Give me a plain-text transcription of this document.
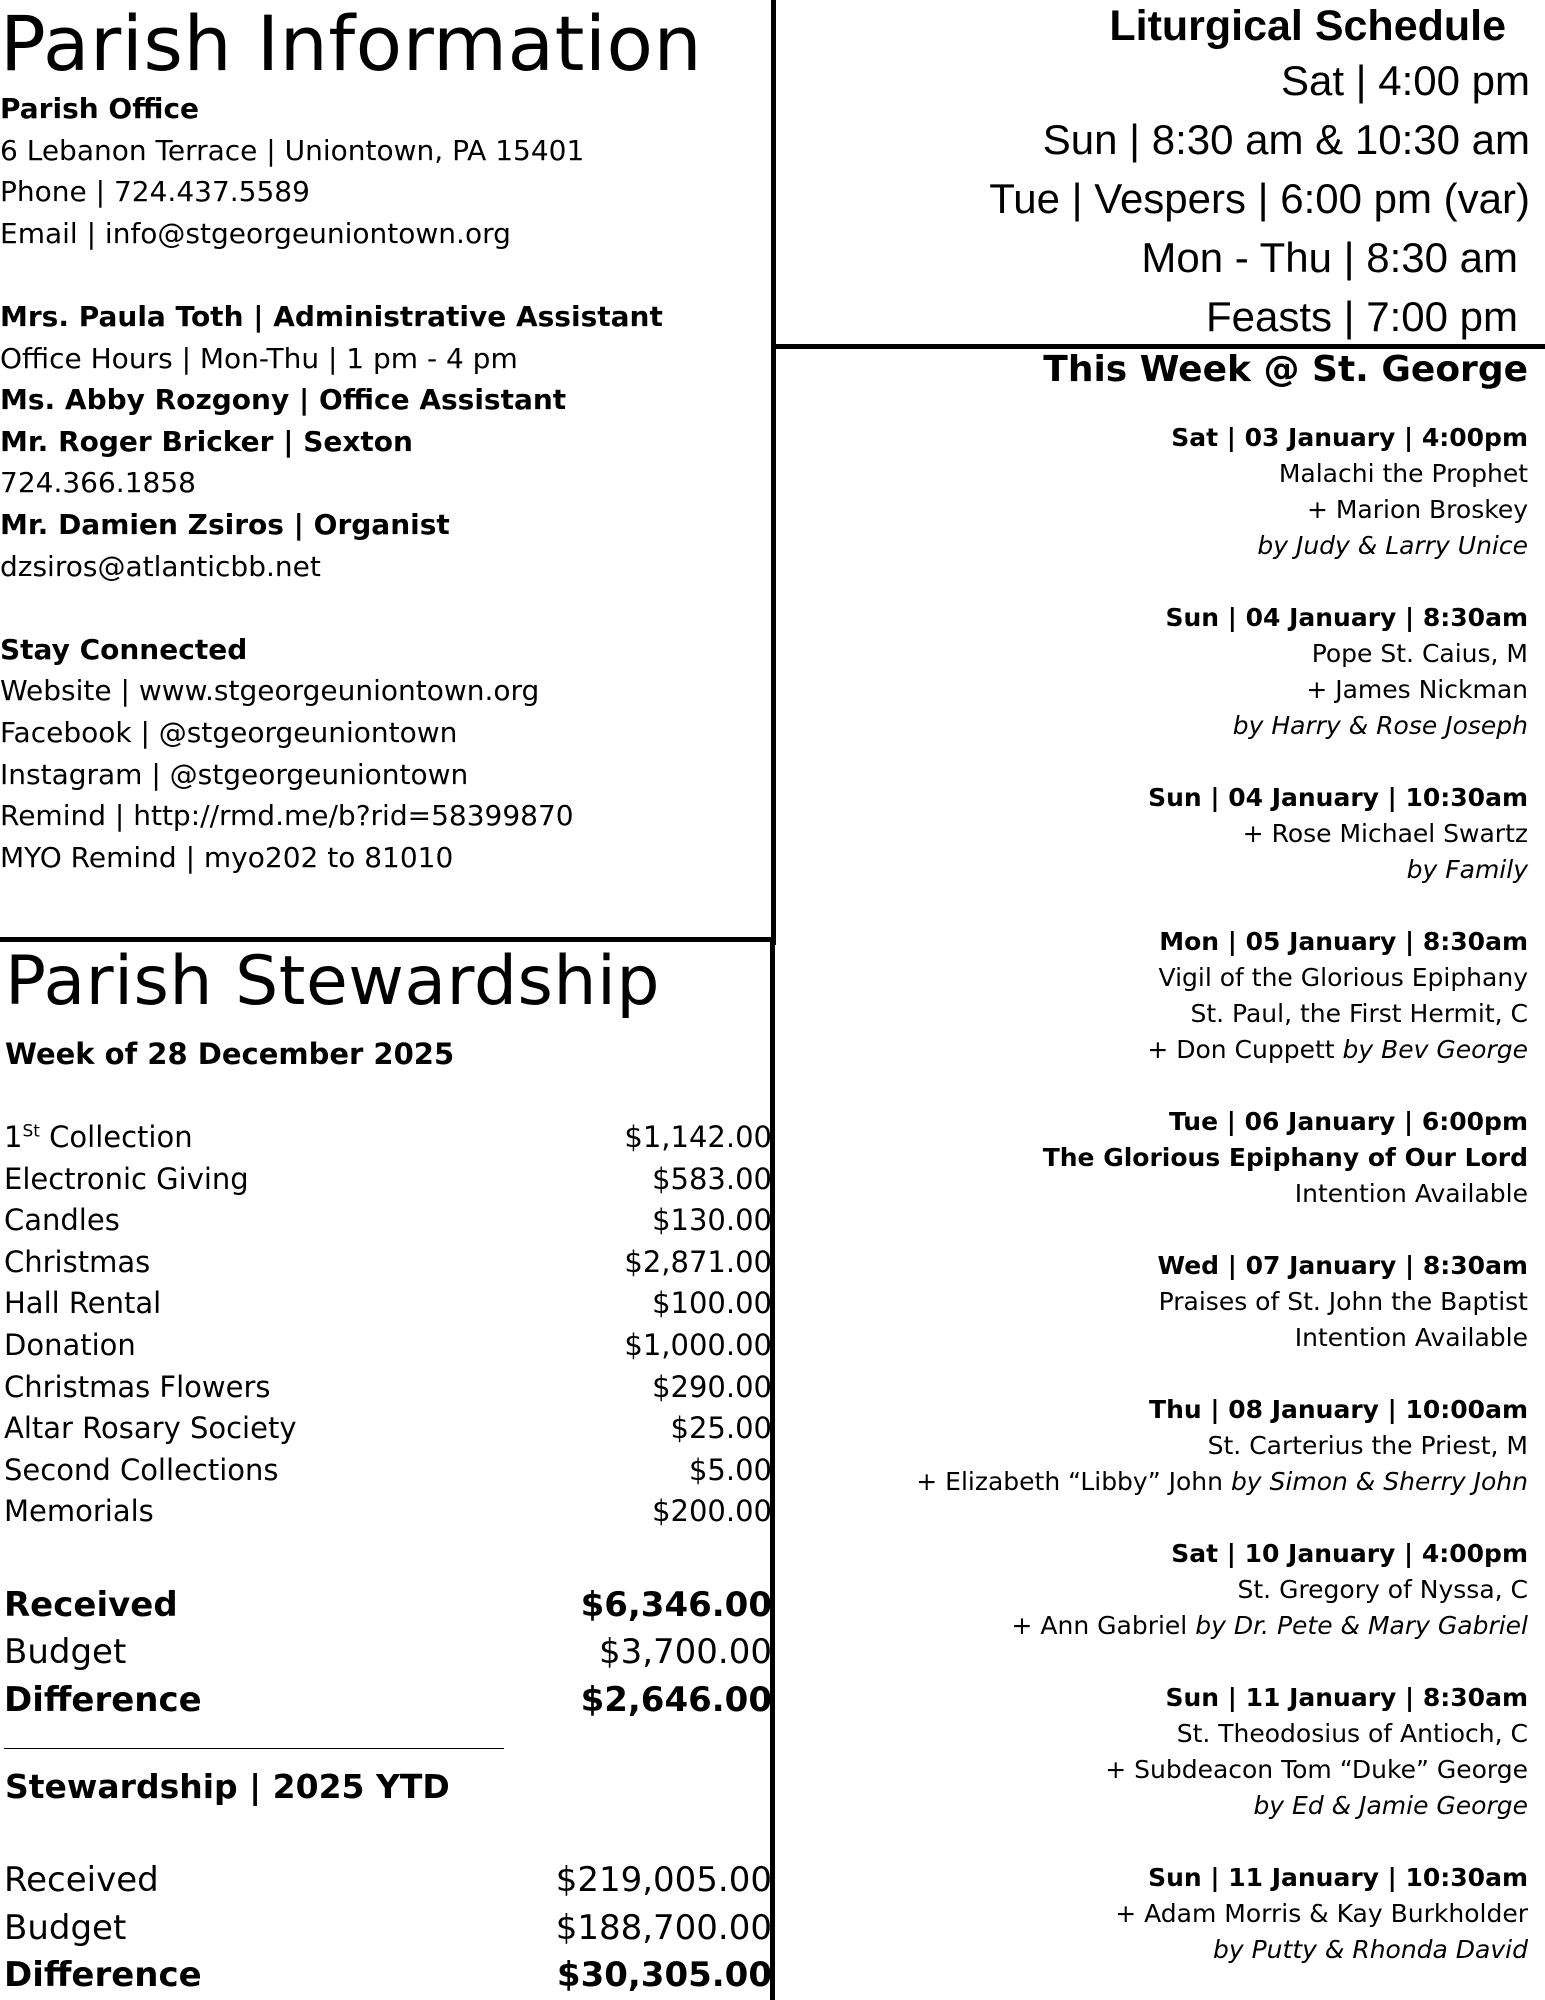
Parish Information
Parish Office
6 Lebanon Terrace | Uniontown, PA 15401
Phone | 724.437.5589
Email | info@stgeorgeuniontown.org
Mrs. Paula Toth | Administrative Assistant
Office Hours | Mon-Thu | 1 pm - 4 pm
Ms. Abby Rozgony | Office Assistant
Mr. Roger Bricker | Sexton
724.366.1858
Mr. Damien Zsiros | Organist
dzsiros@atlanticbb.net
Stay Connected
Website | www.stgeorgeuniontown.org
Facebook | @stgeorgeuniontown
Instagram | @stgeorgeuniontown
Remind | http://rmd.me/b?rid=58399870
MYO Remind | myo202 to 81010
Parish Stewardship
Week of 28 December 2025
1St Collection	$1,142.00
Electronic Giving	$583.00
Candles	$130.00
Christmas	$2,871.00
Hall Rental	$100.00
Donation	$1,000.00
Christmas Flowers	$290.00
Altar Rosary Society	$25.00
Second Collections	$5.00
Memorials	$200.00
Received	$6,346.00
Budget	$3,700.00
Difference	$2,646.00
Stewardship | 2025 YTD
Received	$219,005.00
Budget	$188,700.00
Difference	$30,305.00
Liturgical Schedule
Sat | 4:00 pm
Sun | 8:30 am & 10:30 am
Tue | Vespers | 6:00 pm (var)
Mon - Thu | 8:30 am
Feasts | 7:00 pm
This Week @ St. George
Sat | 03 January | 4:00pm
Malachi the Prophet
+ Marion Broskey
by Judy & Larry Unice
Sun | 04 January | 8:30am
Pope St. Caius, M
+ James Nickman
by Harry & Rose Joseph
Sun | 04 January | 10:30am
+ Rose Michael Swartz
by Family
Mon | 05 January | 8:30am
Vigil of the Glorious Epiphany
St. Paul, the First Hermit, C
+ Don Cuppett by Bev George
Tue | 06 January | 6:00pm
The Glorious Epiphany of Our Lord
Intention Available
Wed | 07 January | 8:30am
Praises of St. John the Baptist
Intention Available
Thu | 08 January | 10:00am
St. Carterius the Priest, M
+ Elizabeth “Libby” John by Simon & Sherry John
Sat | 10 January | 4:00pm
St. Gregory of Nyssa, C
+ Ann Gabriel by Dr. Pete & Mary Gabriel
Sun | 11 January | 8:30am
St. Theodosius of Antioch, C
+ Subdeacon Tom “Duke” George
by Ed & Jamie George
Sun | 11 January | 10:30am
+ Adam Morris & Kay Burkholder
by Putty & Rhonda David
